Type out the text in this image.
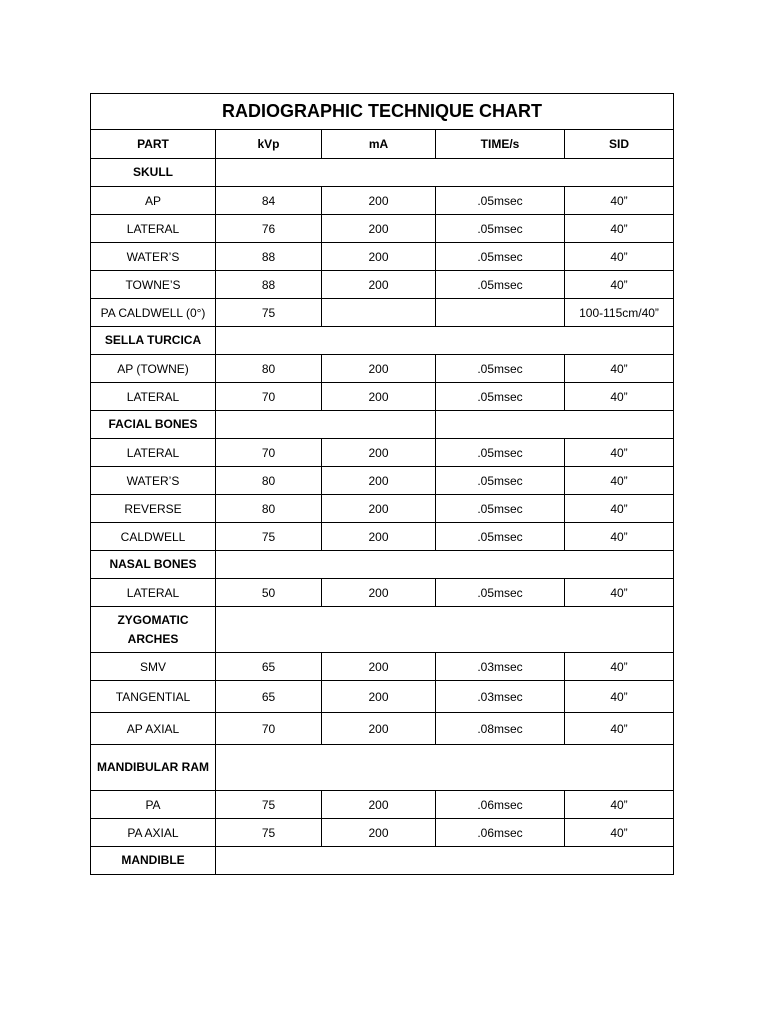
RADIOGRAPHIC TECHNIQUE CHART				
PART	kVp	mA	TIME/s	SID
SKULL				
AP	84	200	.05msec	40”
LATERAL	76	200	.05msec	40”
WATER’S	88	200	.05msec	40”
TOWNE’S	88	200	.05msec	40”
PA CALDWELL (0°)	75			100-115cm/40”
SELLA TURCICA				
AP (TOWNE)	80	200	.05msec	40”
LATERAL	70	200	.05msec	40”
FACIAL BONES				
LATERAL	70	200	.05msec	40”
WATER’S	80	200	.05msec	40”
REVERSE	80	200	.05msec	40”
CALDWELL	75	200	.05msec	40”
NASAL BONES				
LATERAL	50	200	.05msec	40”
ZYGOMATIC ARCHES				
SMV	65	200	.03msec	40”
TANGENTIAL	65	200	.03msec	40”
AP AXIAL	70	200	.08msec	40”
MANDIBULAR RAM				
PA	75	200	.06msec	40”
PA AXIAL	75	200	.06msec	40”
MANDIBLE				
